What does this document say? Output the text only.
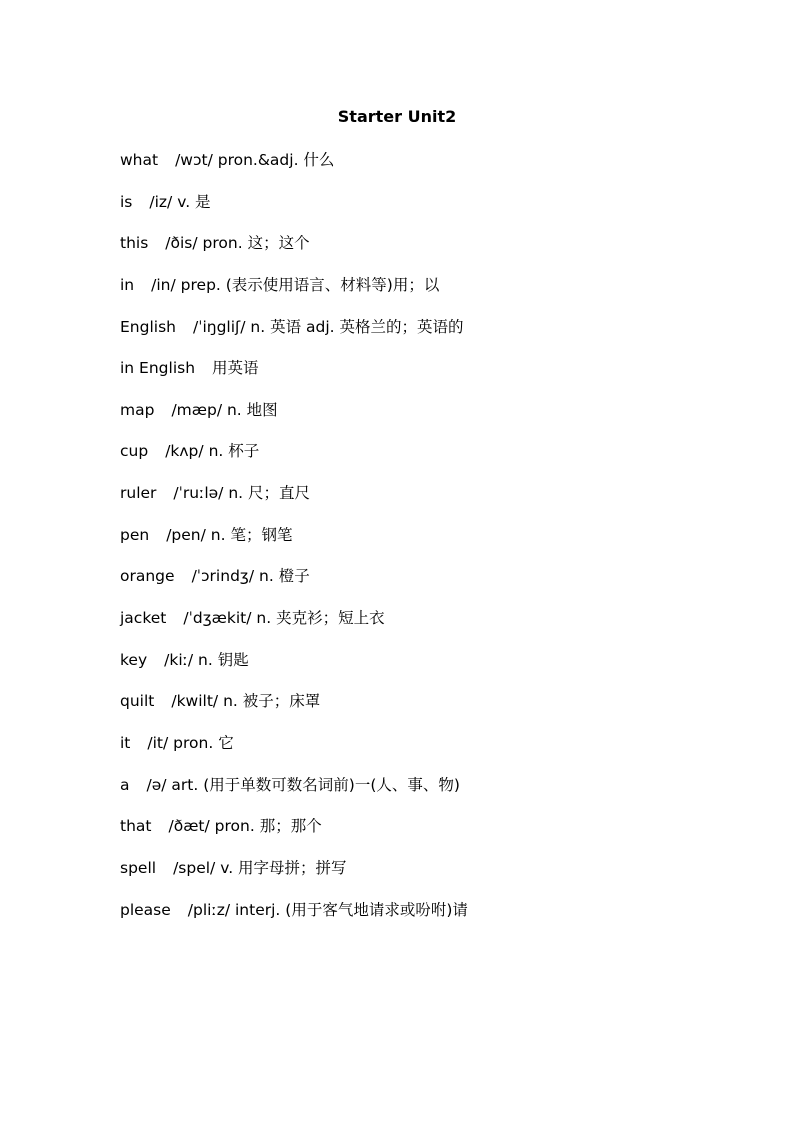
Starter Unit2
what /wɔt/ pron.&adj. 什么
is /iz/ v. 是
this /ðis/ pron. 这；这个
in /in/ prep. (表示使用语言、材料等)用；以
English /ˈiŋgliʃ/ n. 英语 adj. 英格兰的；英语的
in English 用英语
map /mæp/ n. 地图
cup /kʌp/ n. 杯子
ruler /ˈruːlə/ n. 尺；直尺
pen /pen/ n. 笔；钢笔
orange /ˈɔrindʒ/ n. 橙子
jacket /ˈdʒækit/ n. 夹克衫；短上衣
key /kiː/ n. 钥匙
quilt /kwilt/ n. 被子；床罩
it /it/ pron. 它
a /ə/ art. (用于单数可数名词前)一(人、事、物)
that /ðæt/ pron. 那；那个
spell /spel/ v. 用字母拼；拼写
please /pliːz/ interj. (用于客气地请求或吩咐)请
